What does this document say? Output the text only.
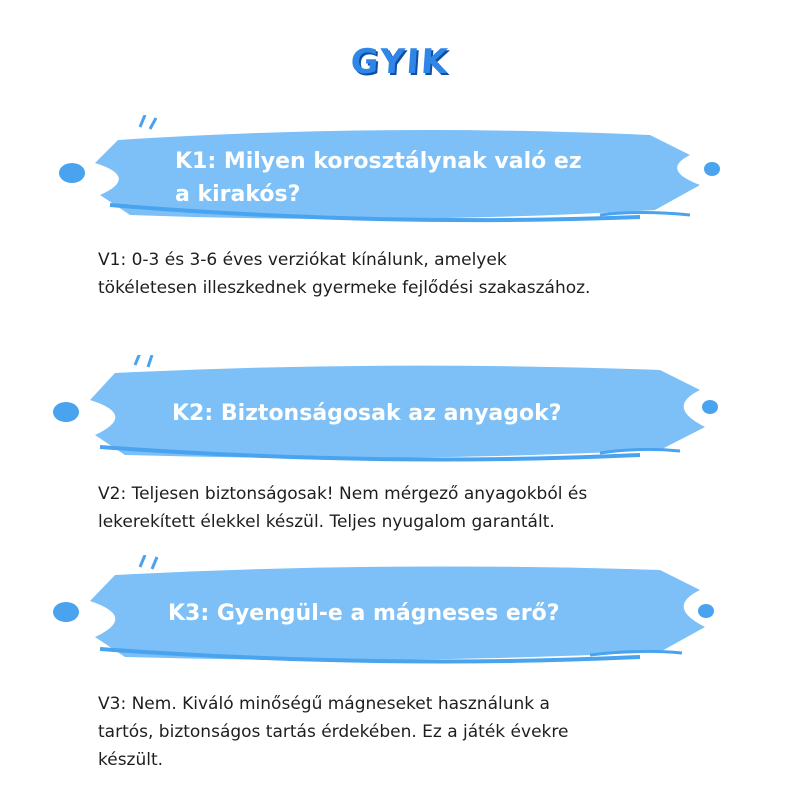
GYIK
K1: Milyen korosztálynak való ez
a kirakós?
V1: 0-3 és 3-6 éves verziókat kínálunk, amelyek
tökéletesen illeszkednek gyermeke fejlődési szakaszához.
K2: Biztonságosak az anyagok?
V2: Teljesen biztonságosak! Nem mérgező anyagokból és
lekerekített élekkel készül. Teljes nyugalom garantált.
K3: Gyengül-e a mágneses erő?
V3: Nem. Kiváló minőségű mágneseket használunk a
tartós, biztonságos tartás érdekében. Ez a játék évekre
készült.
